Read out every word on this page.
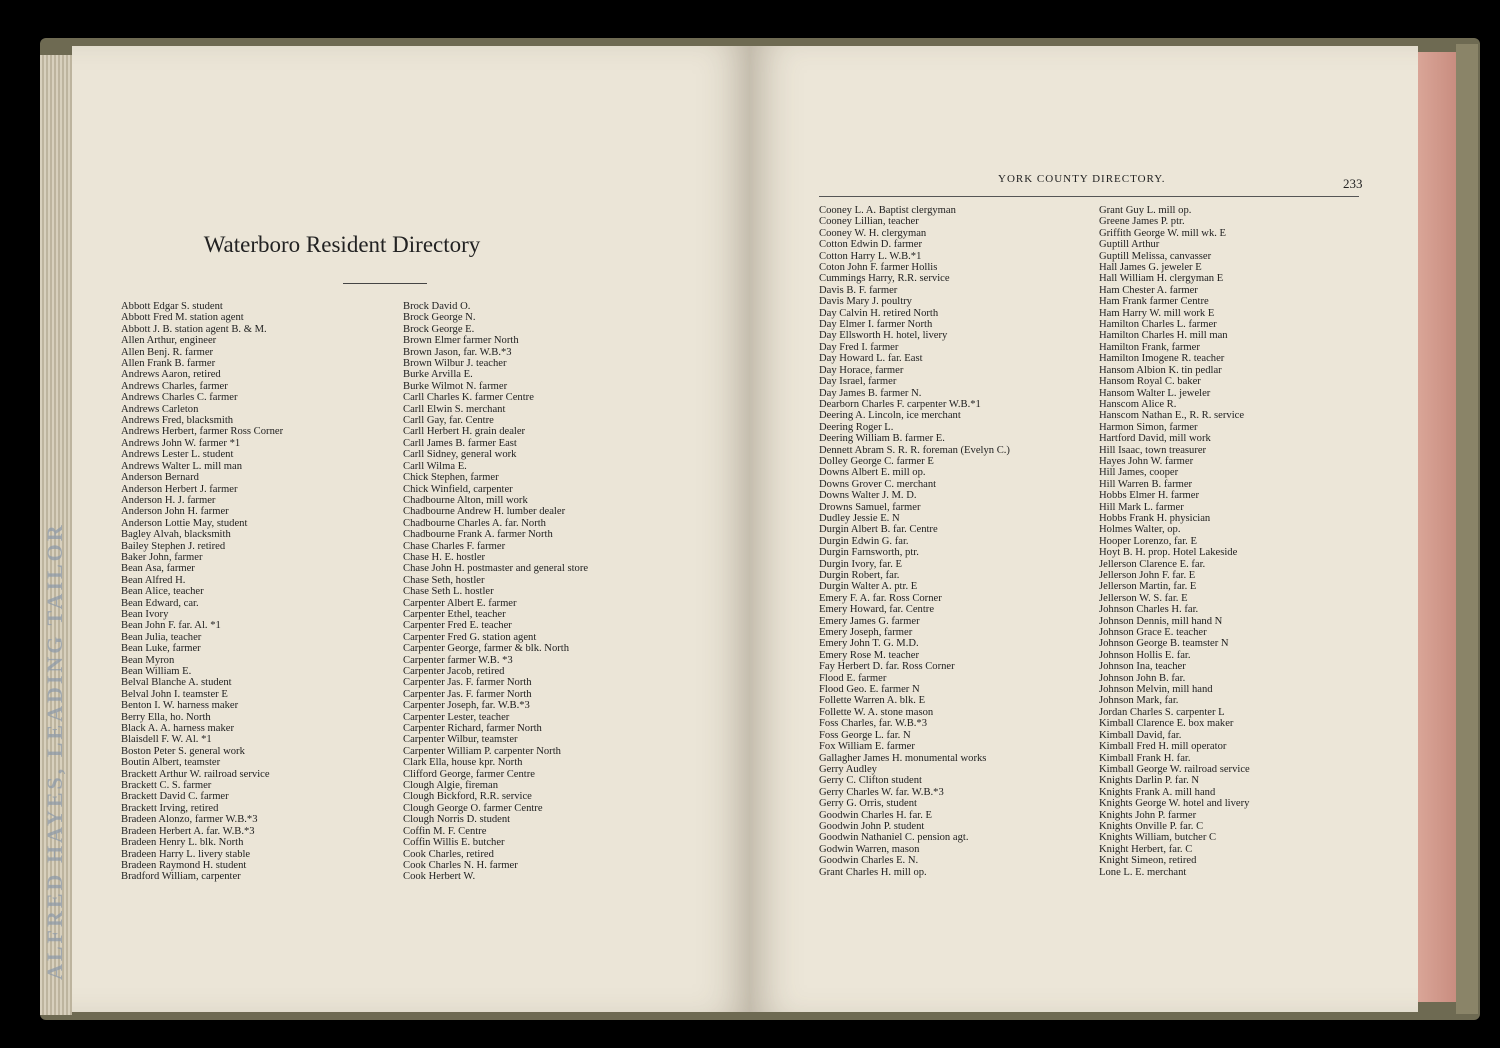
ALFRED HAYES, LEADING TAILOR
Waterboro Resident Directory
Abbott Edgar S. student
Abbott Fred M. station agent
Abbott J. B. station agent B. & M.
Allen Arthur, engineer
Allen Benj. R. farmer
Allen Frank B. farmer
Andrews Aaron, retired
Andrews Charles, farmer
Andrews Charles C. farmer
Andrews Carleton
Andrews Fred, blacksmith
Andrews Herbert, farmer Ross Corner
Andrews John W. farmer *1
Andrews Lester L. student
Andrews Walter L. mill man
Anderson Bernard
Anderson Herbert J. farmer
Anderson H. J. farmer
Anderson John H. farmer
Anderson Lottie May, student
Bagley Alvah, blacksmith
Bailey Stephen J. retired
Baker John, farmer
Bean Asa, farmer
Bean Alfred H.
Bean Alice, teacher
Bean Edward, car.
Bean Ivory
Bean John F. far. Al. *1
Bean Julia, teacher
Bean Luke, farmer
Bean Myron
Bean William E.
Belval Blanche A. student
Belval John I. teamster E
Benton I. W. harness maker
Berry Ella, ho. North
Black A. A. harness maker
Blaisdell F. W. Al. *1
Boston Peter S. general work
Boutin Albert, teamster
Brackett Arthur W. railroad service
Brackett C. S. farmer
Brackett David C. farmer
Brackett Irving, retired
Bradeen Alonzo, farmer W.B.*3
Bradeen Herbert A. far. W.B.*3
Bradeen Henry L. blk. North
Bradeen Harry L. livery stable
Bradeen Raymond H. student
Bradford William, carpenter
Brock David O.
Brock George N.
Brock George E.
Brown Elmer farmer North
Brown Jason, far. W.B.*3
Brown Wilbur J. teacher
Burke Arvilla E.
Burke Wilmot N. farmer
Carll Charles K. farmer Centre
Carll Elwin S. merchant
Carll Gay, far. Centre
Carll Herbert H. grain dealer
Carll James B. farmer East
Carll Sidney, general work
Carll Wilma E.
Chick Stephen, farmer
Chick Winfield, carpenter
Chadbourne Alton, mill work
Chadbourne Andrew H. lumber dealer
Chadbourne Charles A. far. North
Chadbourne Frank A. farmer North
Chase Charles F. farmer
Chase H. E. hostler
Chase John H. postmaster and general store
Chase Seth, hostler
Chase Seth L. hostler
Carpenter Albert E. farmer
Carpenter Ethel, teacher
Carpenter Fred E. teacher
Carpenter Fred G. station agent
Carpenter George, farmer & blk. North
Carpenter farmer W.B. *3
Carpenter Jacob, retired
Carpenter Jas. F. farmer North
Carpenter Jas. F. farmer North
Carpenter Joseph, far. W.B.*3
Carpenter Lester, teacher
Carpenter Richard, farmer North
Carpenter Wilbur, teamster
Carpenter William P. carpenter North
Clark Ella, house kpr. North
Clifford George, farmer Centre
Clough Algie, fireman
Clough Bickford, R.R. service
Clough George O. farmer Centre
Clough Norris D. student
Coffin M. F. Centre
Coffin Willis E. butcher
Cook Charles, retired
Cook Charles N. H. farmer
Cook Herbert W.
YORK COUNTY DIRECTORY.	233
Cooney L. A. Baptist clergyman
Cooney Lillian, teacher
Cooney W. H. clergyman
Cotton Edwin D. farmer
Cotton Harry L. W.B.*1
Coton John F. farmer Hollis
Cummings Harry, R.R. service
Davis B. F. farmer
Davis Mary J. poultry
Day Calvin H. retired North
Day Elmer I. farmer North
Day Ellsworth H. hotel, livery
Day Fred I. farmer
Day Howard L. far. East
Day Horace, farmer
Day Israel, farmer
Day James B. farmer N.
Dearborn Charles F. carpenter W.B.*1
Deering A. Lincoln, ice merchant
Deering Roger L.
Deering William B. farmer E.
Dennett Abram S. R. R. foreman (Evelyn C.)
Dolley George C. farmer E
Downs Albert E. mill op.
Downs Grover C. merchant
Downs Walter J. M. D.
Drowns Samuel, farmer
Dudley Jessie E. N
Durgin Albert B. far. Centre
Durgin Edwin G. far.
Durgin Farnsworth, ptr.
Durgin Ivory, far. E
Durgin Robert, far.
Durgin Walter A. ptr. E
Emery F. A. far. Ross Corner
Emery Howard, far. Centre
Emery James G. farmer
Emery Joseph, farmer
Emery John T. G. M.D.
Emery Rose M. teacher
Fay Herbert D. far. Ross Corner
Flood E. farmer
Flood Geo. E. farmer N
Follette Warren A. blk. E
Follette W. A. stone mason
Foss Charles, far. W.B.*3
Foss George L. far. N
Fox William E. farmer
Gallagher James H. monumental works
Gerry Audley
Gerry C. Clifton student
Gerry Charles W. far. W.B.*3
Gerry G. Orris, student
Goodwin Charles H. far. E
Goodwin John P. student
Goodwin Nathaniel C. pension agt.
Godwin Warren, mason
Goodwin Charles E. N.
Grant Charles H. mill op.
Grant Guy L. mill op.
Greene James P. ptr.
Griffith George W. mill wk. E
Guptill Arthur
Guptill Melissa, canvasser
Hall James G. jeweler E
Hall William H. clergyman E
Ham Chester A. farmer
Ham Frank farmer Centre
Ham Harry W. mill work E
Hamilton Charles L. farmer
Hamilton Charles H. mill man
Hamilton Frank, farmer
Hamilton Imogene R. teacher
Hansom Albion K. tin pedlar
Hansom Royal C. baker
Hansom Walter L. jeweler
Hanscom Alice R.
Hanscom Nathan E., R. R. service
Harmon Simon, farmer
Hartford David, mill work
Hill Isaac, town treasurer
Hayes John W. farmer
Hill James, cooper
Hill Warren B. farmer
Hobbs Elmer H. farmer
Hill Mark L. farmer
Hobbs Frank H. physician
Holmes Walter, op.
Hooper Lorenzo, far. E
Hoyt B. H. prop. Hotel Lakeside
Jellerson Clarence E. far.
Jellerson John F. far. E
Jellerson Martin, far. E
Jellerson W. S. far. E
Johnson Charles H. far.
Johnson Dennis, mill hand N
Johnson Grace E. teacher
Johnson George B. teamster N
Johnson Hollis E. far.
Johnson Ina, teacher
Johnson John B. far.
Johnson Melvin, mill hand
Johnson Mark, far.
Jordan Charles S. carpenter L
Kimball Clarence E. box maker
Kimball David, far.
Kimball Fred H. mill operator
Kimball Frank H. far.
Kimball George W. railroad service
Knights Darlin P. far. N
Knights Frank A. mill hand
Knights George W. hotel and livery
Knights John P. farmer
Knights Onville P. far. C
Knights William, butcher C
Knight Herbert, far. C
Knight Simeon, retired
Lone L. E. merchant
